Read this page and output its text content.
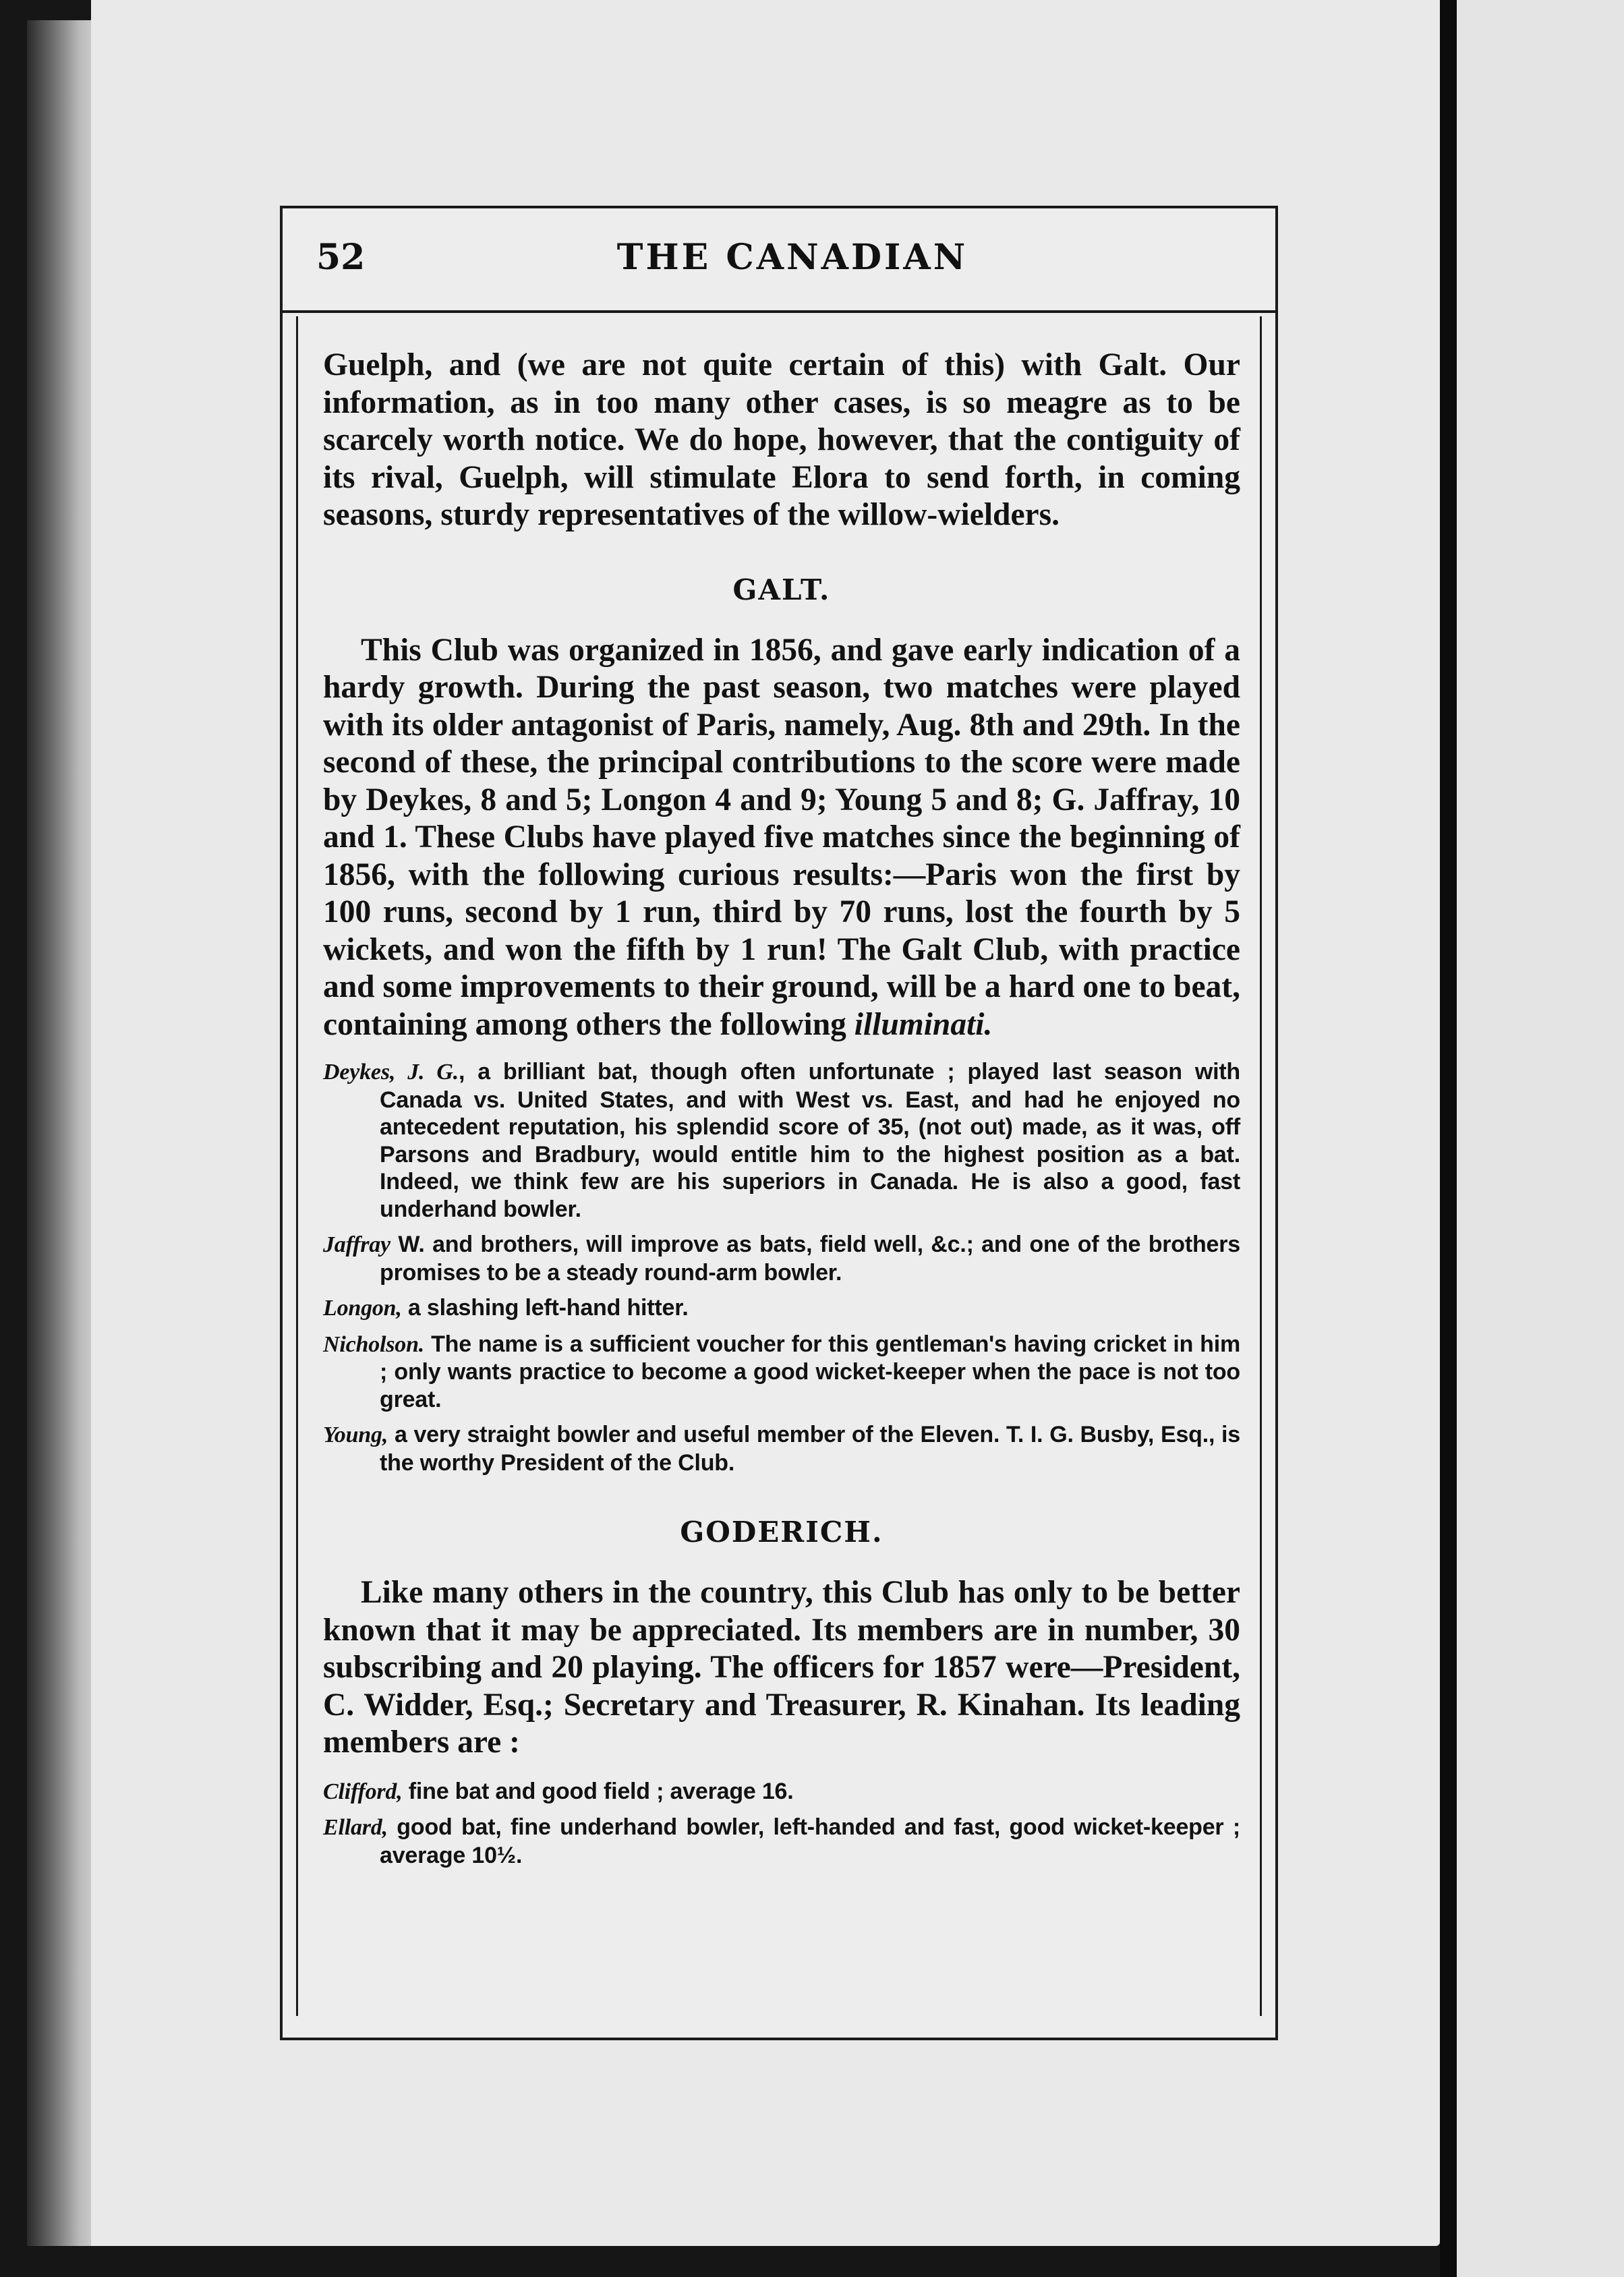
52	THE CANADIAN

Guelph, and (we are not quite certain of this) with Galt. Our information, as in too many other cases, is so meagre as to be scarcely worth notice. We do hope, however, that the contiguity of its rival, Guelph, will stimulate Elora to send forth, in coming seasons, sturdy representatives of the willow-wielders.

GALT.

This Club was organized in 1856, and gave early indication of a hardy growth. During the past season, two matches were played with its older antagonist of Paris, namely, Aug. 8th and 29th. In the second of these, the principal contributions to the score were made by Deykes, 8 and 5; Longon 4 and 9; Young 5 and 8; G. Jaffray, 10 and 1. These Clubs have played five matches since the beginning of 1856, with the following curious results:—Paris won the first by 100 runs, second by 1 run, third by 70 runs, lost the fourth by 5 wickets, and won the fifth by 1 run! The Galt Club, with practice and some improvements to their ground, will be a hard one to beat, containing among others the following illuminati.

Deykes, J. G., a brilliant bat, though often unfortunate ; played last season with Canada vs. United States, and with West vs. East, and had he enjoyed no antecedent reputation, his splendid score of 35, (not out) made, as it was, off Parsons and Bradbury, would entitle him to the highest position as a bat. Indeed, we think few are his superiors in Canada. He is also a good, fast underhand bowler.

Jaffray W. and brothers, will improve as bats, field well, &c.; and one of the brothers promises to be a steady round-arm bowler.

Longon, a slashing left-hand hitter.

Nicholson. The name is a sufficient voucher for this gentleman's having cricket in him ; only wants practice to become a good wicket-keeper when the pace is not too great.

Young, a very straight bowler and useful member of the Eleven. T. I. G. Busby, Esq., is the worthy President of the Club.

GODERICH.

Like many others in the country, this Club has only to be better known that it may be appreciated. Its members are in number, 30 subscribing and 20 playing. The officers for 1857 were—President, C. Widder, Esq.; Secretary and Treasurer, R. Kinahan. Its leading members are :

Clifford, fine bat and good field ; average 16.

Ellard, good bat, fine underhand bowler, left-handed and fast, good wicket-keeper ; average 10½.
